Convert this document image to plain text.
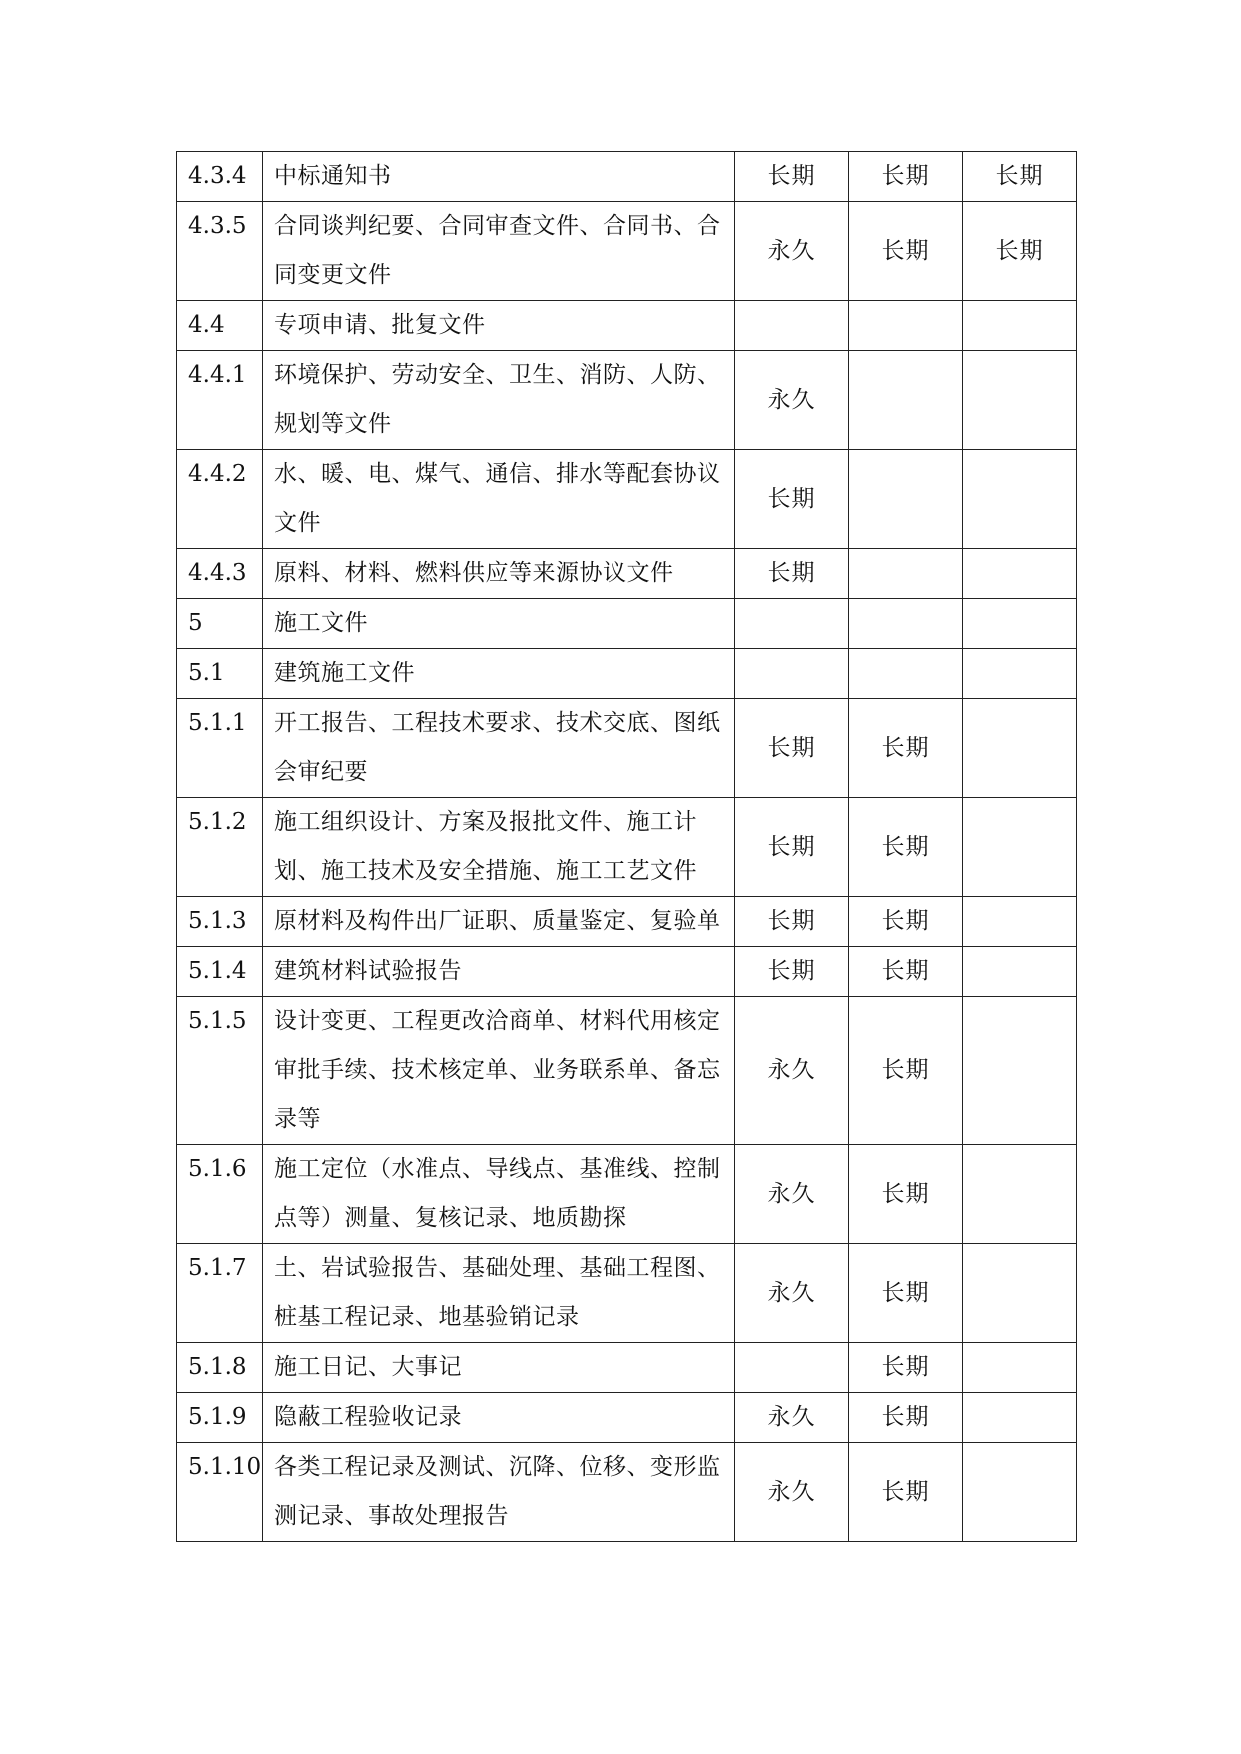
4.3.4	中标通知书	长期	长期	长期
4.3.5	合同谈判纪要、合同审查文件、合同书、合同变更文件	永久	长期	长期
4.4	专项申请、批复文件			
4.4.1	环境保护、劳动安全、卫生、消防、人防、规划等文件	永久		
4.4.2	水、暖、电、煤气、通信、排水等配套协议文件	长期		
4.4.3	原料、材料、燃料供应等来源协议文件	长期		
5	施工文件			
5.1	建筑施工文件			
5.1.1	开工报告、工程技术要求、技术交底、图纸会审纪要	长期	长期	
5.1.2	施工组织设计、方案及报批文件、施工计划、施工技术及安全措施、施工工艺文件	长期	长期	
5.1.3	原材料及构件出厂证职、质量鉴定、复验单	长期	长期	
5.1.4	建筑材料试验报告	长期	长期	
5.1.5	设计变更、工程更改洽商单、材料代用核定审批手续、技术核定单、业务联系单、备忘录等	永久	长期	
5.1.6	施工定位（水准点、导线点、基准线、控制点等）测量、复核记录、地质勘探	永久	长期	
5.1.7	土、岩试验报告、基础处理、基础工程图、桩基工程记录、地基验销记录	永久	长期	
5.1.8	施工日记、大事记		长期	
5.1.9	隐蔽工程验收记录	永久	长期	
5.1.10	各类工程记录及测试、沉降、位移、变形监测记录、事故处理报告	永久	长期	
